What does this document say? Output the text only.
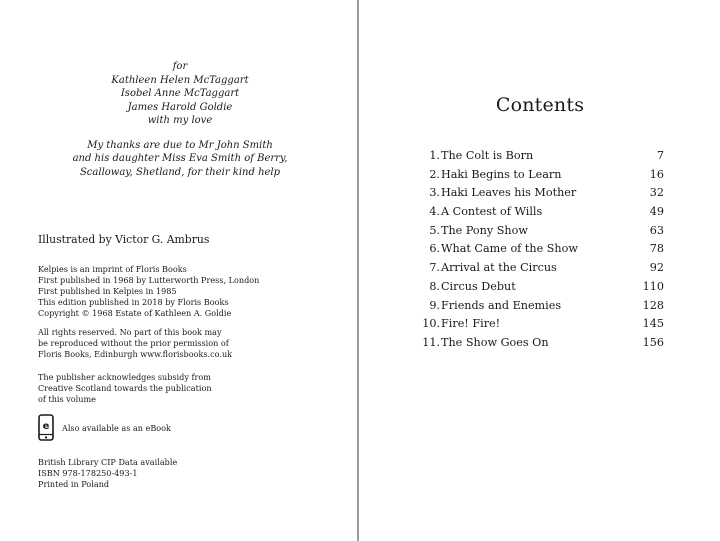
for
Kathleen Helen McTaggart
Isobel Anne McTaggart
James Harold Goldie
with my love
My thanks are due to Mr John Smith
and his daughter Miss Eva Smith of Berry,
Scalloway, Shetland, for their kind help
Illustrated by Victor G. Ambrus
Kelpies is an imprint of Floris Books
First published in 1968 by Lutterworth Press, London
First published in Kelpies in 1985
This edition published in 2018 by Floris Books
Copyright © 1968 Estate of Kathleen A. Goldie
All rights reserved. No part of this book may
be reproduced without the prior permission of
Floris Books, Edinburgh www.florisbooks.co.uk
The publisher acknowledges subsidy from
Creative Scotland towards the publication
of this volume
e Also available as an eBook
British Library CIP Data available
ISBN 978-178250-493-1
Printed in Poland
Contents
1. The Colt is Born	7
2. Haki Begins to Learn	16
3. Haki Leaves his Mother	32
4. A Contest of Wills	49
5. The Pony Show	63
6. What Came of the Show	78
7. Arrival at the Circus	92
8. Circus Debut	110
9. Friends and Enemies	128
10. Fire! Fire!	145
11. The Show Goes On	156
